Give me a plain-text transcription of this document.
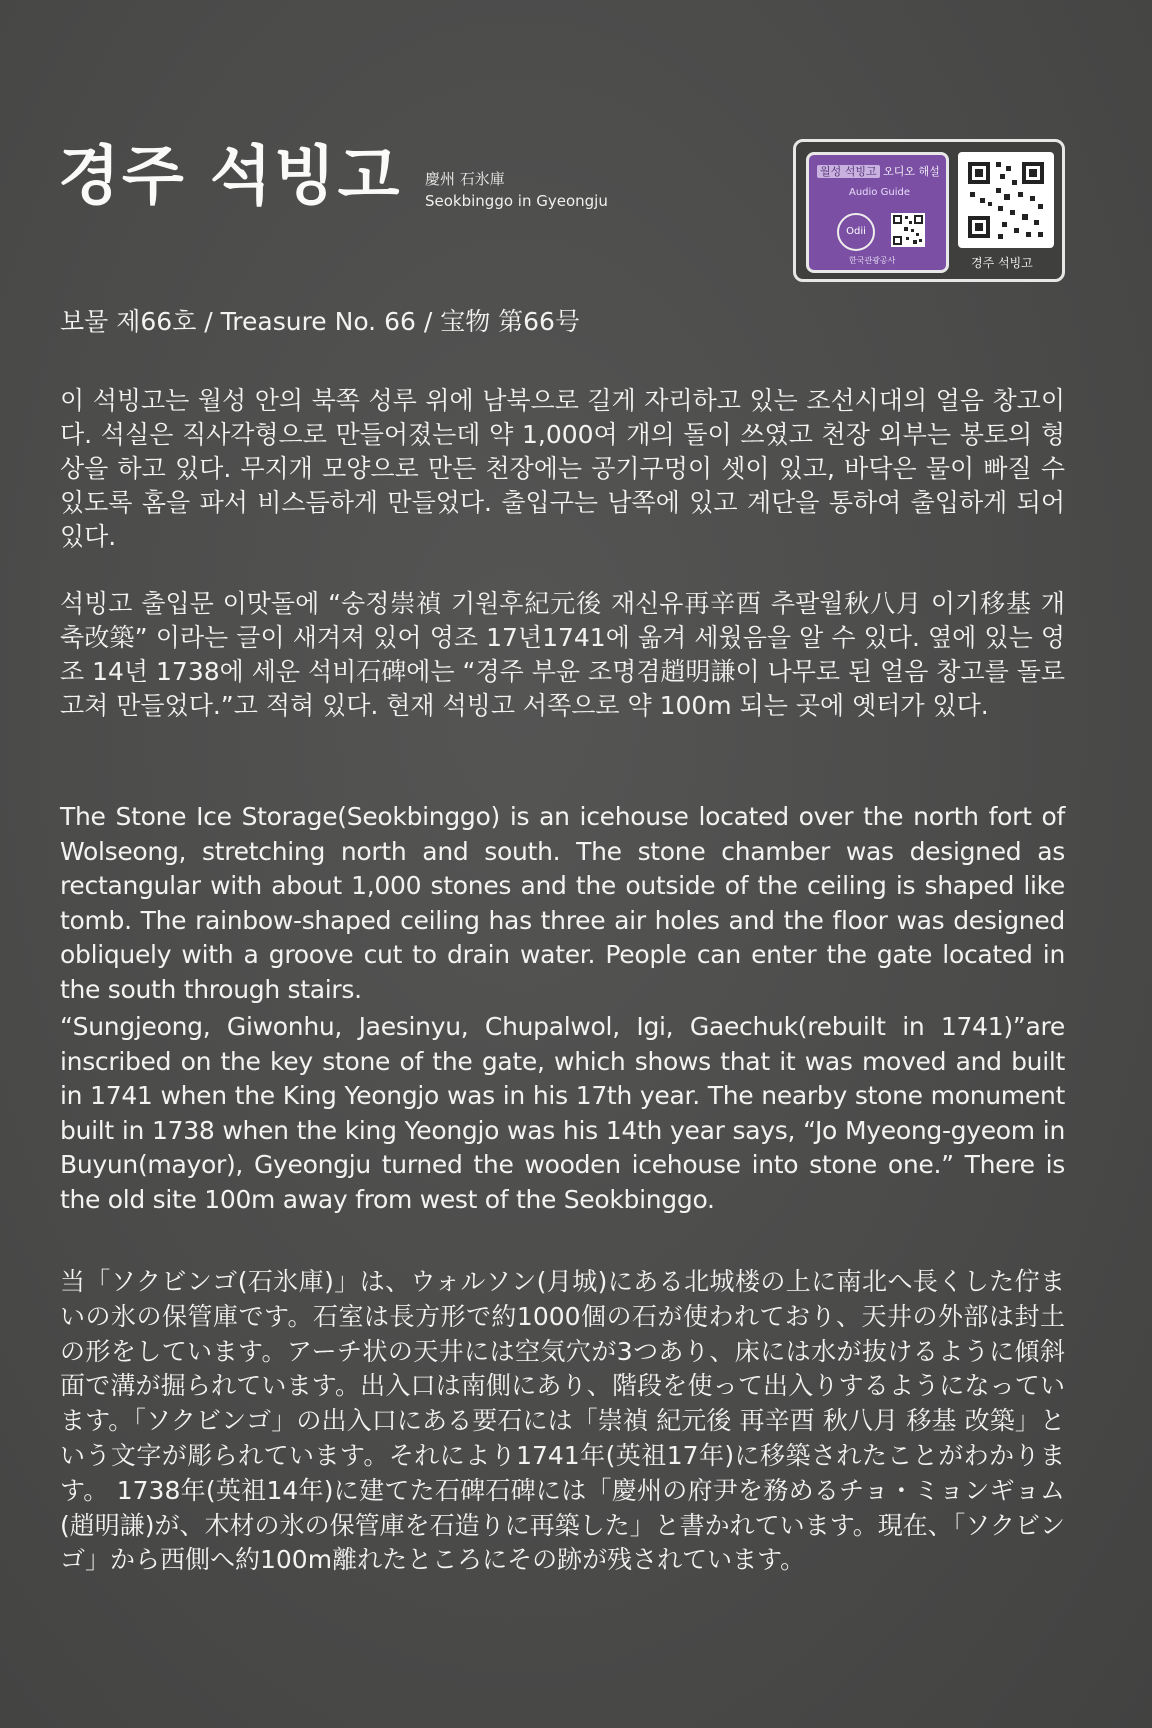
경주 석빙고 慶州 石氷庫
Seokbinggo in Gyeongju
월성 석빙고 오디오 해설
Audio Guide
Odii
한국관광공사	경주 석빙고
보물 제66호 / Treasure No. 66 / 宝物 第66号

이 석빙고는 월성 안의 북쪽 성루 위에 남북으로 길게 자리하고 있는 조선시대의 얼음 창고이다. 석실은 직사각형으로 만들어졌는데 약 1,000여 개의 돌이 쓰였고 천장 외부는 봉토의 형상을 하고 있다. 무지개 모양으로 만든 천장에는 공기구멍이 셋이 있고, 바닥은 물이 빠질 수 있도록 홈을 파서 비스듬하게 만들었다. 출입구는 남쪽에 있고 계단을 통하여 출입하게 되어 있다.

석빙고 출입문 이맛돌에 “숭정崇禎 기원후紀元後 재신유再辛酉 추팔월秋八月 이기移基 개축改築” 이라는 글이 새겨져 있어 영조 17년1741에 옮겨 세웠음을 알 수 있다. 옆에 있는 영조 14년 1738에 세운 석비石碑에는 “경주 부윤 조명겸趙明謙이 나무로 된 얼음 창고를 돌로 고쳐 만들었다.”고 적혀 있다. 현재 석빙고 서쪽으로 약 100m 되는 곳에 옛터가 있다.

The Stone Ice Storage(Seokbinggo) is an icehouse located over the north fort of Wolseong, stretching north and south. The stone chamber was designed as rectangular with about 1,000 stones and the outside of the ceiling is shaped like tomb. The rainbow-shaped ceiling has three air holes and the floor was designed obliquely with a groove cut to drain water. People can enter the gate located in the south through stairs.

“Sungjeong, Giwonhu, Jaesinyu, Chupalwol, Igi, Gaechuk(rebuilt in 1741)”are inscribed on the key stone of the gate, which shows that it was moved and built in 1741 when the King Yeongjo was in his 17th year. The nearby stone monument built in 1738 when the king Yeongjo was his 14th year says, “Jo Myeong-gyeom in Buyun(mayor), Gyeongju turned the wooden icehouse into stone one.” There is the old site 100m away from west of the Seokbinggo.

当「ソクビンゴ(石氷庫)」は、ウォルソン(月城)にある北城楼の上に南北へ長くした佇まいの氷の保管庫です。石室は長方形で約1000個の石が使われており、天井の外部は封土の形をしています。アーチ状の天井には空気穴が3つあり、床には水が抜けるように傾斜面で溝が掘られています。出入口は南側にあり、階段を使って出入りするようになっています。「ソクビンゴ」の出入口にある要石には「崇禎 紀元後 再辛酉 秋八月 移基 改築」という文字が彫られています。それにより1741年(英祖17年)に移築されたことがわかります。 1738年(英祖14年)に建てた石碑石碑には「慶州の府尹を務めるチョ・ミョンギョム(趙明謙)が、木材の氷の保管庫を石造りに再築した」と書かれています。現在、「ソクビンゴ」から西側へ約100m離れたところにその跡が残されています。
